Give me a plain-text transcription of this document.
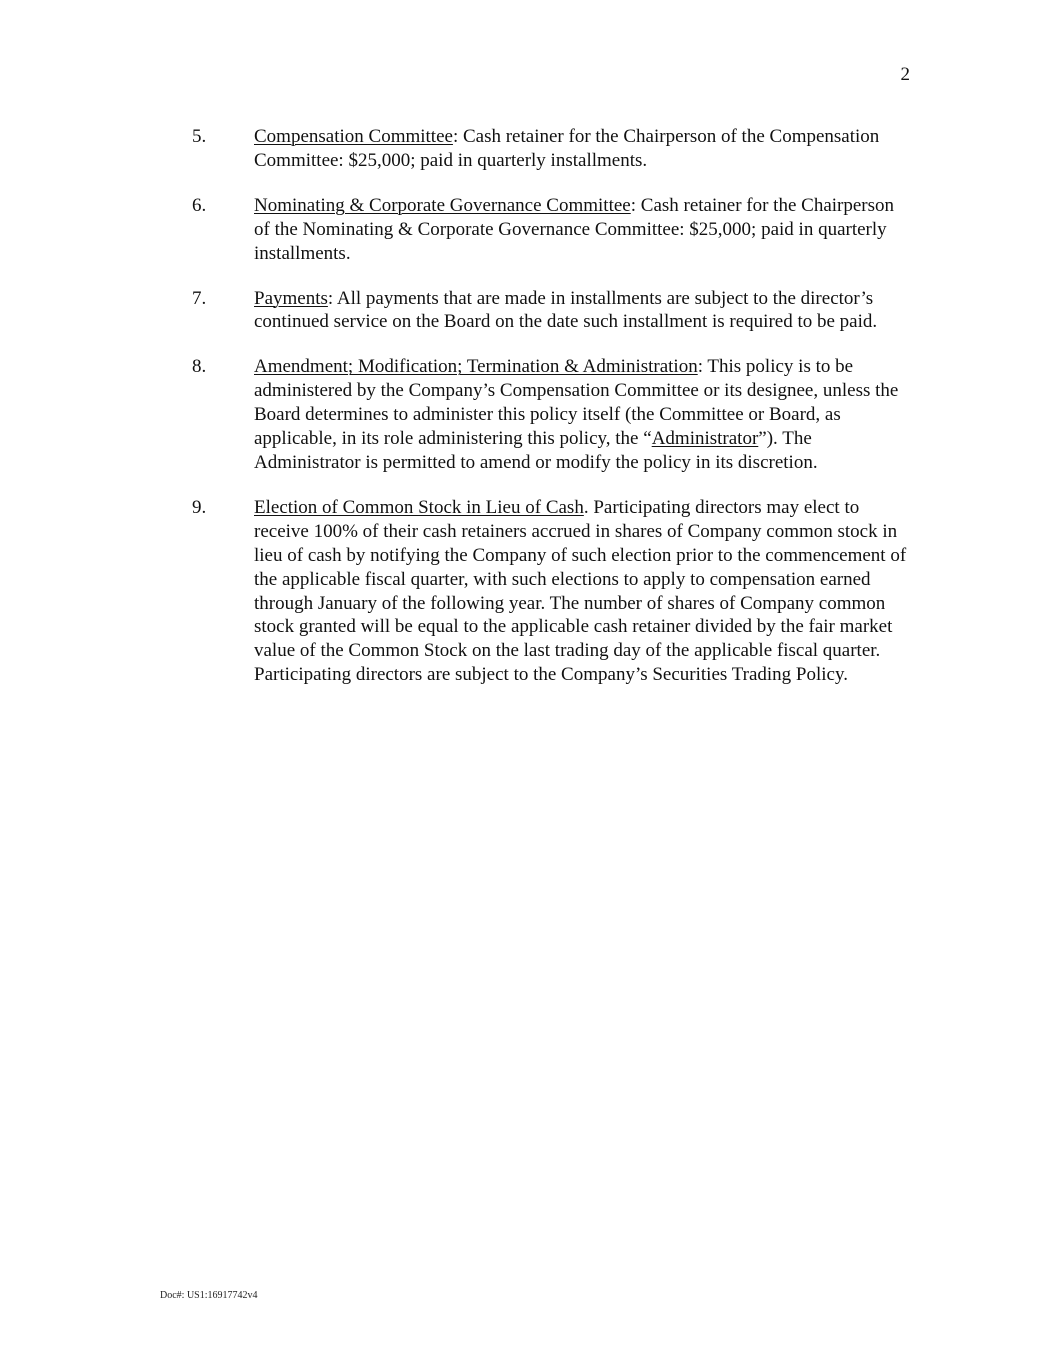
2
5.	Compensation Committee: Cash retainer for the Chairperson of the Compensation Committee: $25,000; paid in quarterly installments.
6.	Nominating & Corporate Governance Committee: Cash retainer for the Chairperson of the Nominating & Corporate Governance Committee: $25,000; paid in quarterly installments.
7.	Payments: All payments that are made in installments are subject to the director’s continued service on the Board on the date such installment is required to be paid.
8.	Amendment; Modification; Termination & Administration: This policy is to be administered by the Company’s Compensation Committee or its designee, unless the Board determines to administer this policy itself (the Committee or Board, as applicable, in its role administering this policy, the “Administrator”). The Administrator is permitted to amend or modify the policy in its discretion.
9.	Election of Common Stock in Lieu of Cash. Participating directors may elect to receive 100% of their cash retainers accrued in shares of Company common stock in lieu of cash by notifying the Company of such election prior to the commencement of the applicable fiscal quarter, with such elections to apply to compensation earned through January of the following year. The number of shares of Company common stock granted will be equal to the applicable cash retainer divided by the fair market value of the Common Stock on the last trading day of the applicable fiscal quarter. Participating directors are subject to the Company’s Securities Trading Policy.
Doc#: US1:16917742v4
